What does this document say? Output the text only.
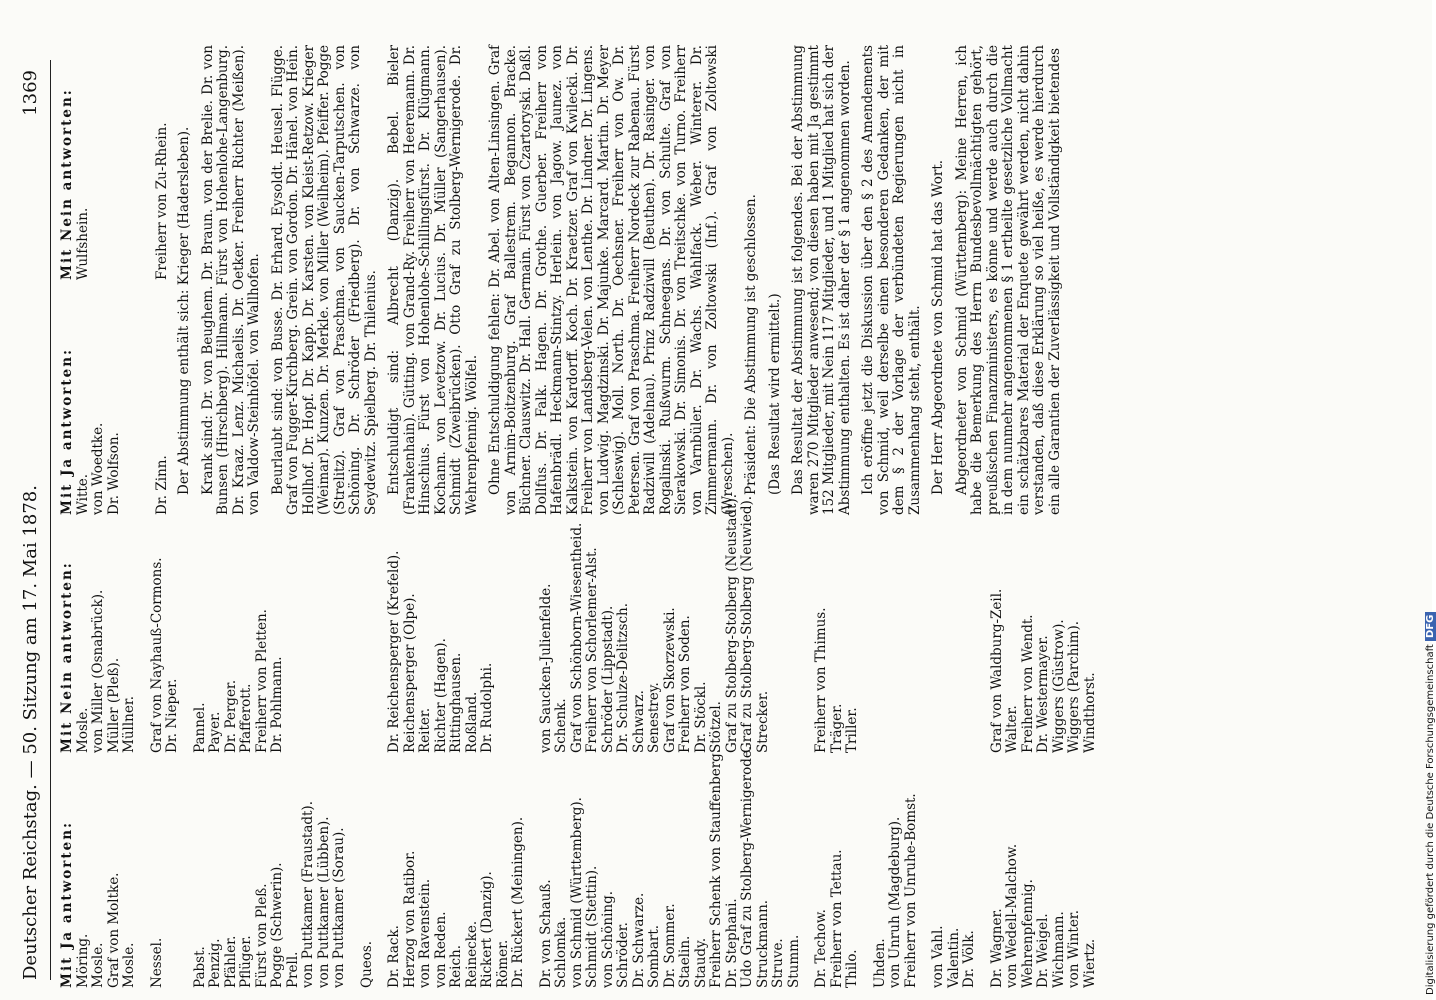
Deutscher Reichstag. — 50. Sitzung am 17. Mai 1878.
1369
Mit Ja antworten: Möring. Mosle. Graf von Moltke. Mosle. Nessel.
Pabst. Penzig. Pfähler. Pflüger. Fürst von Pleß. Pogge (Schwerin). Prell. von Puttkamer (Fraustadt). von Puttkamer (Lübben). von Puttkamer (Sorau). Queos. Dr. Rack. Herzog von Ratibor. von Ravenstein. von Reden. Reich. Reinecke. Rickert (Danzig). Römer. Dr. Rückert (Meiningen). Dr. von Schauß. Schlomka. von Schmid (Württemberg). Schmidt (Stettin). von Schöning. Schröder. Dr. Schwarze. Sombart. Dr. Sommer. Staelin. Staudy. Freiherr Schenk von Stauffenberg. Dr. Stephani. Udo Graf zu Stolberg-Wernigerode. Struckmann. Struve. Stumm. Dr. Techow. Freiherr von Tettau. Thilo. Uhden. von Unruh (Magdeburg). Freiherr von Unruhe-Bomst. von Vahl. Valentin. Dr. Völk. Dr. Wagner. von Wedell-Malchow. Wehrenpfennig. Dr. Weigel. Wichmann. von Winter. Wiertz.
Mit Nein antworten: Mosle. von Miller (Osnabrück). Müller (Pleß). Müllner. Graf von Nayhauß-Cormons. Dr. Nieper. Pannel. Payer. Dr. Perger. Pfafferott. Freiherr von Pletten. Dr. Pohlmann.

	Dr. Reichensperger (Krefeld). Reichensperger (Olpe). Reiter. Richter (Hagen). Rittinghausen. Roßland. Dr. Rudolphi.

	von Saucken-Julienfelde. Schenk. Graf von Schönborn-Wiesentheid. Freiherr von Schorlemer-Alst. Schröder (Lippstadt). Dr. Schulze-Delitzsch. Schwarz. Senestrey. Graf von Skorzewski. Freiherr von Soden. Dr. Stöckl. Stötzel. Graf zu Stolberg-Stolberg (Neustadt). Graf zu Stolberg-Stolberg (Neuwied). Strecker.

	Freiherr von Thimus. Träger. Triller.

	Graf von Waldburg-Zeil. Walter. Freiherr von Wendt. Dr. Westermayer. Wiggers (Güstrow). Wiggers (Parchim). Windthorst.
Mit Ja antworten: Witte. von Woedtke. Dr. Wolfson.
Mit Nein antworten: Wulfshein.
Dr. Zinn.
Freiherr von Zu-Rhein. Der Abstimmung enthält sich: Krieger (Hadersleben). Krank sind: Dr. von Beughem. Dr. Braun. von der Brelie. Dr. von Bunsen (Hirschberg). Hillmann. Fürst von Hohenlohe-Langenburg. Dr. Kraaz. Lenz. Michaelis. Dr. Oetker. Freiherr Richter (Meißen). von Valdow-Steinhöfel. von Wallhofen. Beurlaubt sind: von Busse. Dr. Erhard. Eysoldt. Heusel. Flügge. Graf von Fugger-Kirchberg. Grein. von Gordon. Dr. Hänel. von Hein. Hollhof. Dr. Hopf. Dr. Kapp. Dr. Karsten. von Kleist-Retzow. Krieger (Weimar). Kunzen. Dr. Merkle. von Miller (Weilheim). Pfeiffer. Pogge (Strelitz). Graf von Praschma. von Saucken-Tarputschen. von Schöning. Dr. Schröder (Friedberg). Dr. von Schwarze. von Seydewitz. Spielberg. Dr. Thilenius. Entschuldigt sind: Albrecht (Danzig). Bebel. Bieler (Frankenhain). Gütting. von Grand-Ry. Freiherr von Heeremann. Dr. Hinschius. Fürst von Hohenlohe-Schillingsfürst. Dr. Klügmann. Kochann. von Levetzow. Dr. Lucius. Dr. Müller (Sangerhausen). Schmidt (Zweibrücken). Otto Graf zu Stolberg-Wernigerode. Dr. Wehrenpfennig. Wölfel. Ohne Entschuldigung fehlen: Dr. Abel. von Alten-Linsingen. Graf von Arnim-Boitzenburg. Graf Ballestrem. Begannon. Bracke. Büchner. Clauswitz. Dr. Hall. Germain. Fürst von Czartoryski. Daßl. Dollfus. Dr. Falk. Hagen. Dr. Grothe. Guerber. Freiherr von Hafenbrädl. Heckmann-Stintzy. Herlein. von Jagow. Jaunez. von Kalkstein. von Kardorff. Koch. Dr. Kraetzer. Graf von Kwilecki. Dr. Freiherr von Landsberg-Velen. von Lenthe. Dr. Lindner. Dr. Lingens. von Ludwig. Magdzinski. Dr. Majunke. Marcard. Martin. Dr. Meyer (Schleswig). Moll. North. Dr. Oechsner. Freiherr von Ow. Dr. Petersen. Graf von Praschma. Freiherr Nordeck zur Rabenau. Fürst Radziwill (Adelnau). Prinz Radziwill (Beuthen). Dr. Rasinger. von Rogalinski. Rußwurm. Schneegans. Dr. von Schulte. Graf von Sierakowski. Dr. Simonis. Dr. von Treitschke. von Turno. Freiherr von Varnbüler. Dr. Wachs. Wahlfack. Weber. Winterer. Dr. Zimmermann. Dr. von Zoltowski (Inf.). Graf von Zoltowski (Wreschen). Präsident: Die Abstimmung ist geschlossen. (Das Resultat wird ermittelt.) Das Resultat der Abstimmung ist folgendes. Bei der Abstimmung waren 270 Mitglieder anwesend; von diesen haben mit Ja gestimmt 152 Mitglieder, mit Nein 117 Mitglieder, und 1 Mitglied hat sich der Abstimmung enthalten. Es ist daher der § 1 angenommen worden. Ich eröffne jetzt die Diskussion über den § 2 des Amendements von Schmid, weil derselbe einen besonderen Gedanken, der mit dem § 2 der Vorlage der verbündeten Regierungen nicht in Zusammenhang steht, enthält. Der Herr Abgeordnete von Schmid hat das Wort. Abgeordneter von Schmid (Württemberg): Meine Herren, ich habe die Bemerkung des Herrn Bundesbevollmächtigten gehört, preußischen Finanzministers, es könne und werde auch durch die in dem nunmehr angenommenen § 1 ertheilte gesetzliche Vollmacht ein schätzbares Material der Enquete gewährt werden, nicht dahin verstanden, daß diese Erklärung so viel heiße, es werde hierdurch ein alle Garantien der Zuverlässigkeit und Vollständigkeit bietendes
Digitalisierung gefördert durch die Deutsche Forschungsgemeinschaft DFG
